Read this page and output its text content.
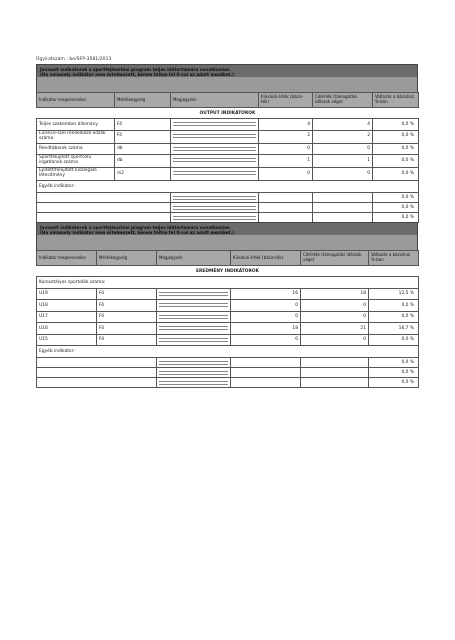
Ügyiratszám : be/SFP-3581/2013
Javasolt indikátorok a sportfejlesztési program teljes időtartamára vonatkozóan
(Ha valamely indikátor nem értelmezett, kérem töltse fel 0-val az adott mezőket.)
Indikátor megnevezése	Mértékegység	Megjegyzés	Kiinduló érték (bázis-ték)	Célérték (támogatási időszak vége)	Változás a bázishoz %-ban
OUTPUT INDIKÁTOROK					
Teljes szakember állomány	Fő		4	4	0,0 %
Licence-szel rendelkező edzők száma	Fő		2	2	0,0 %
Rendtáborok száma	db		0	0	0,0 %
Sportfelújított sportcélú ingatlanok száma	db		1	1	0,0 %
Épített/felújított kiszolgáló létesítmény	m2		0	0	0,0 %
Egyéb indikátor:					
					0,0 %
					0,0 %
					0,0 %
Javasolt indikátorok a sportfejlesztési program teljes időtartamára vonatkozóan
(Ha valamely indikátor nem értelmezett, kérem töltse fel 0-val az adott mezőket.)
Indikátor megnevezése	Mértékegység	Megjegyzés	Kiinduló érték (bázis-ték)	Célérték (támogatási időszak vége)	Változás a bázishoz %-ban
EREDMÉNY INDIKÁTOROK					
Korosztályos sportolók száma:					
U19	Fő		16	18	12,5 %
U18	Fő		0	0	0,0 %
U17	Fő		0	0	0,0 %
U16	Fő		18	21	16,7 %
U15	Fő		0	0	0,0 %
Egyéb indikátor:					
					0,0 %
					0,0 %
					0,0 %
